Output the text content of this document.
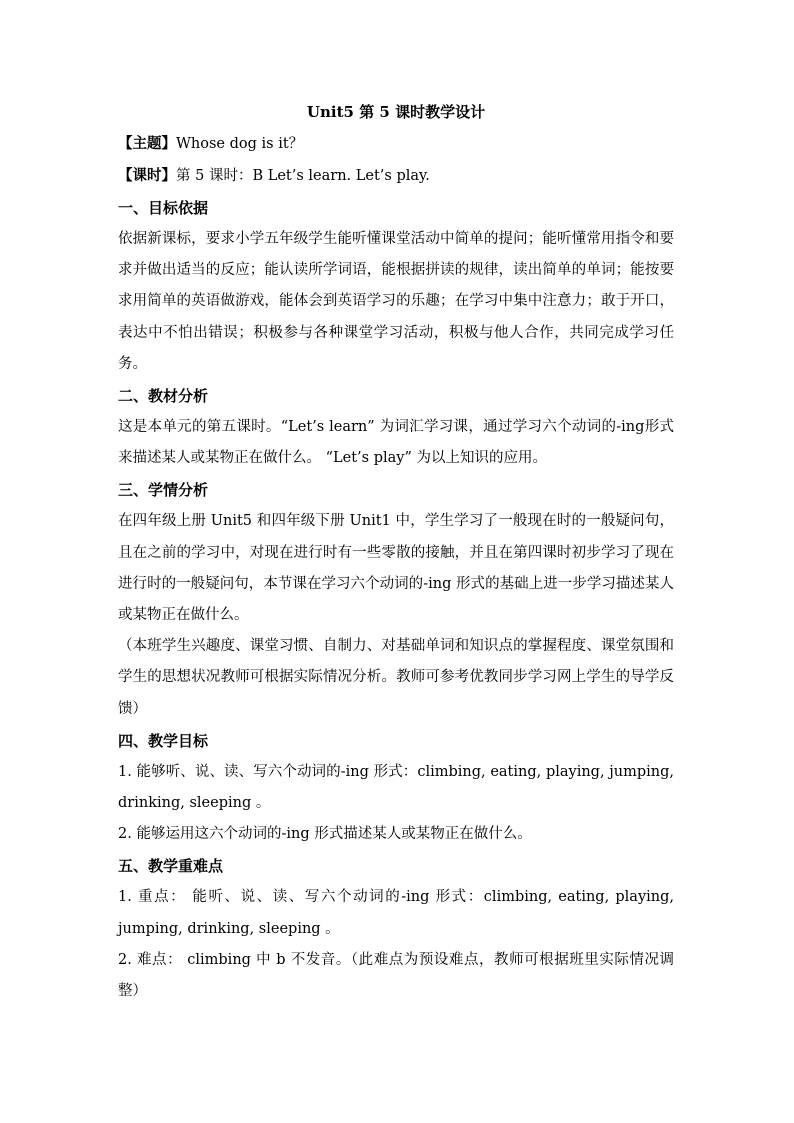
Unit5 第 5 课时教学设计
【主题】Whose dog is it？
【课时】第 5 课时：B Let’s learn. Let’s play.
一、目标依据
依据新课标，要求小学五年级学生能听懂课堂活动中简单的提问；能听懂常用指令和要求并做出适当的反应；能认读所学词语，能根据拼读的规律，读出简单的单词；能按要求用简单的英语做游戏，能体会到英语学习的乐趣；在学习中集中注意力；敢于开口，表达中不怕出错误；积极参与各种课堂学习活动，积极与他人合作，共同完成学习任务。
二、教材分析
这是本单元的第五课时。“Let’s learn” 为词汇学习课，通过学习六个动词的-ing形式来描述某人或某物正在做什么。 “Let’s play” 为以上知识的应用。
三、学情分析
在四年级上册 Unit5 和四年级下册 Unit1 中，学生学习了一般现在时的一般疑问句，且在之前的学习中，对现在进行时有一些零散的接触，并且在第四课时初步学习了现在进行时的一般疑问句，本节课在学习六个动词的-ing 形式的基础上进一步学习描述某人或某物正在做什么。
（本班学生兴趣度、课堂习惯、自制力、对基础单词和知识点的掌握程度、课堂氛围和学生的思想状况教师可根据实际情况分析。教师可参考优教同步学习网上学生的导学反馈）
四、教学目标
1. 能够听、说、读、写六个动词的-ing 形式：climbing, eating, playing, jumping, drinking, sleeping 。
2. 能够运用这六个动词的-ing 形式描述某人或某物正在做什么。
五、教学重难点
1. 重点： 能听、说、读、写六个动词的-ing 形式：climbing, eating, playing, jumping, drinking, sleeping 。
2. 难点： climbing 中 b 不发音。（此难点为预设难点，教师可根据班里实际情况调整）
